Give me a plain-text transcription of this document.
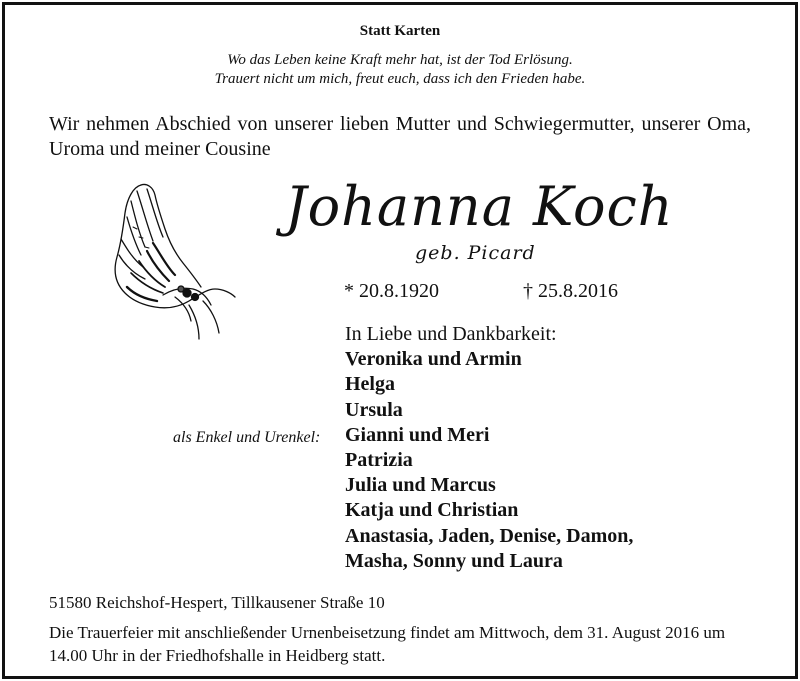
Statt Karten
Wo das Leben keine Kraft mehr hat, ist der Tod Erlösung.
Trauert nicht um mich, freut euch, dass ich den Frieden habe.
Wir nehmen Abschied von unserer lieben Mutter und Schwiegermutter, unserer Oma, Uroma und meiner Cousine
Johanna Koch
geb. Picard
* 20.8.1920	† 25.8.2016
In Liebe und Dankbarkeit:
Veronika und Armin
Helga
Ursula
Gianni und Meri
Patrizia
Julia und Marcus
Katja und Christian
Anastasia, Jaden, Denise, Damon,
Masha, Sonny und Laura
als Enkel und Urenkel:
51580 Reichshof-Hespert, Tillkausener Straße 10
Die Trauerfeier mit anschließender Urnenbeisetzung findet am Mittwoch, dem 31. August 2016 um 14.00 Uhr in der Friedhofshalle in Heidberg statt.
